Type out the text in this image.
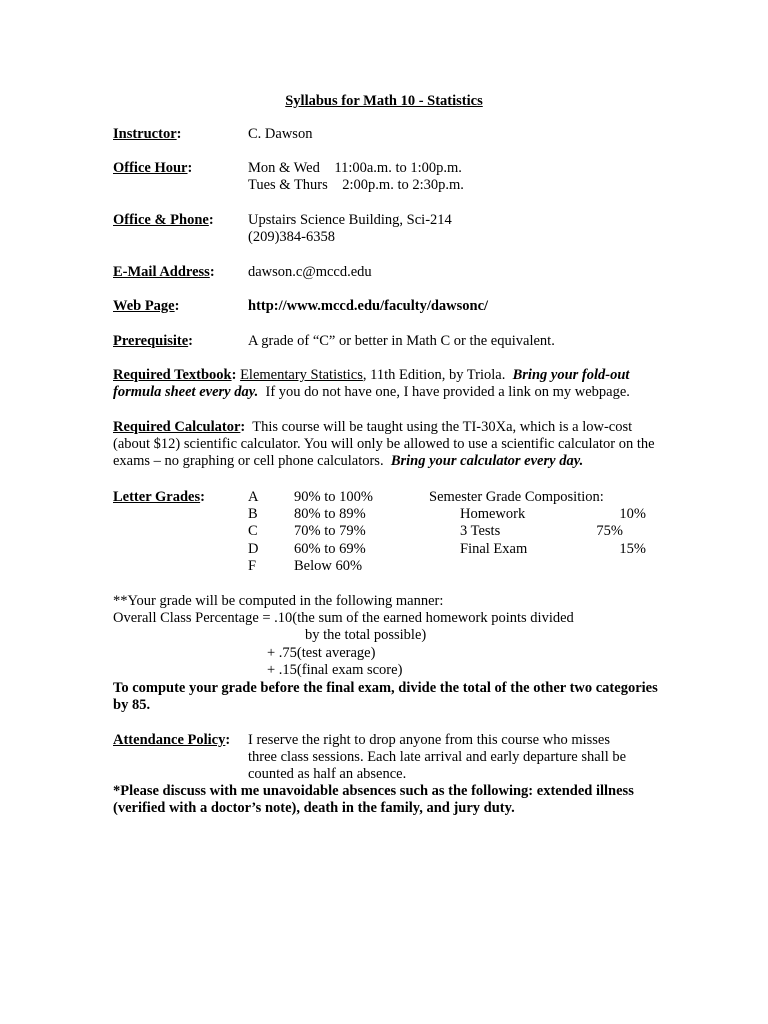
Syllabus for Math 10 - Statistics
Instructor:	C. Dawson
Office Hour:	Mon & Wed    11:00a.m. to 1:00p.m.
Tues & Thurs    2:00p.m. to 2:30p.m.
Office & Phone: Upstairs Science Building, Sci-214
(209)384-6358
E-Mail Address: dawson.c@mccd.edu
Web Page:	http://www.mccd.edu/faculty/dawsonc/
Prerequisite:	A grade of “C” or better in Math C or the equivalent.
Required Textbook: Elementary Statistics, 11th Edition, by Triola. Bring your fold-out formula sheet every day. If you do not have one, I have provided a link on my webpage.
Required Calculator: This course will be taught using the TI-30Xa, which is a low-cost (about $12) scientific calculator. You will only be allowed to use a scientific calculator on the exams – no graphing or cell phone calculators. Bring your calculator every day.
Letter Grades:	A 90% to 100%
B	80% to 89%
C	70% to 79%
D 60% to 69%
F	Below 60%
Semester Grade Composition:
Homework	10%
3 Tests	75%
Final Exam	15%
**Your grade will be computed in the following manner:
Overall Class Percentage = .10(the sum of the earned homework points divided
by the total possible)
+ .75(test average)
+ .15(final exam score)
To compute your grade before the final exam, divide the total of the other two categories by 85.
Attendance Policy: I reserve the right to drop anyone from this course who misses
three class sessions. Each late arrival and early departure shall be
counted as half an absence.
*Please discuss with me unavoidable absences such as the following: extended illness (verified with a doctor’s note), death in the family, and jury duty.
